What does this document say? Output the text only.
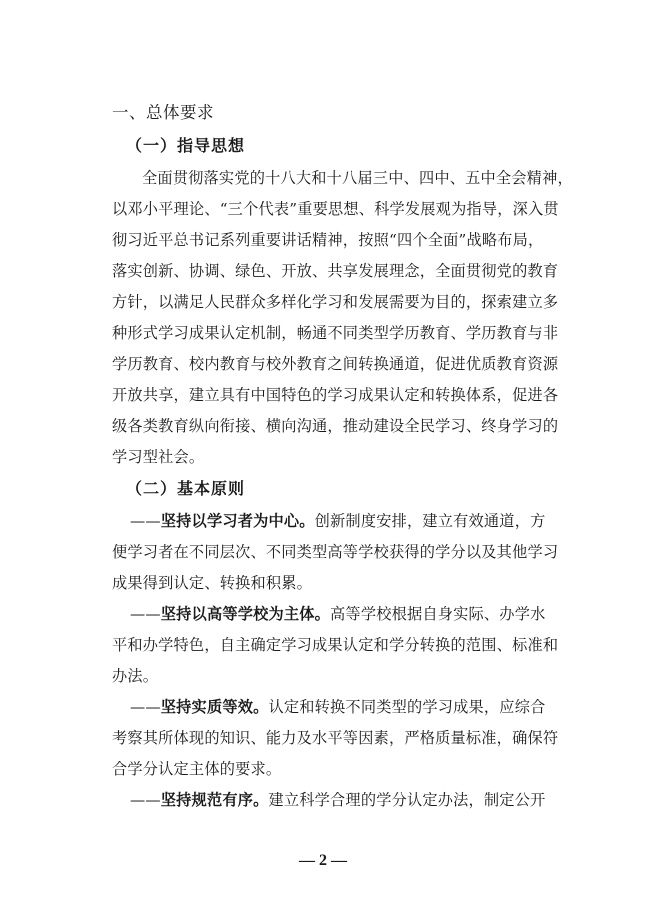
一、总体要求
（一）指导思想
全面贯彻落实党的十八大和十八届三中、四中、五中全会精神，
以邓小平理论、“三个代表”重要思想、科学发展观为指导，深入贯
彻习近平总书记系列重要讲话精神，按照“四个全面”战略布局，
落实创新、协调、绿色、开放、共享发展理念，全面贯彻党的教育
方针，以满足人民群众多样化学习和发展需要为目的，探索建立多
种形式学习成果认定机制，畅通不同类型学历教育、学历教育与非
学历教育、校内教育与校外教育之间转换通道，促进优质教育资源
开放共享，建立具有中国特色的学习成果认定和转换体系，促进各
级各类教育纵向衔接、横向沟通，推动建设全民学习、终身学习的
学习型社会。
（二）基本原则
——坚持以学习者为中心。创新制度安排，建立有效通道，方
便学习者在不同层次、不同类型高等学校获得的学分以及其他学习
成果得到认定、转换和积累。
——坚持以高等学校为主体。高等学校根据自身实际、办学水
平和办学特色，自主确定学习成果认定和学分转换的范围、标准和
办法。
——坚持实质等效。认定和转换不同类型的学习成果，应综合
考察其所体现的知识、能力及水平等因素，严格质量标准，确保符
合学分认定主体的要求。
——坚持规范有序。建立科学合理的学分认定办法，制定公开
— 2 —
